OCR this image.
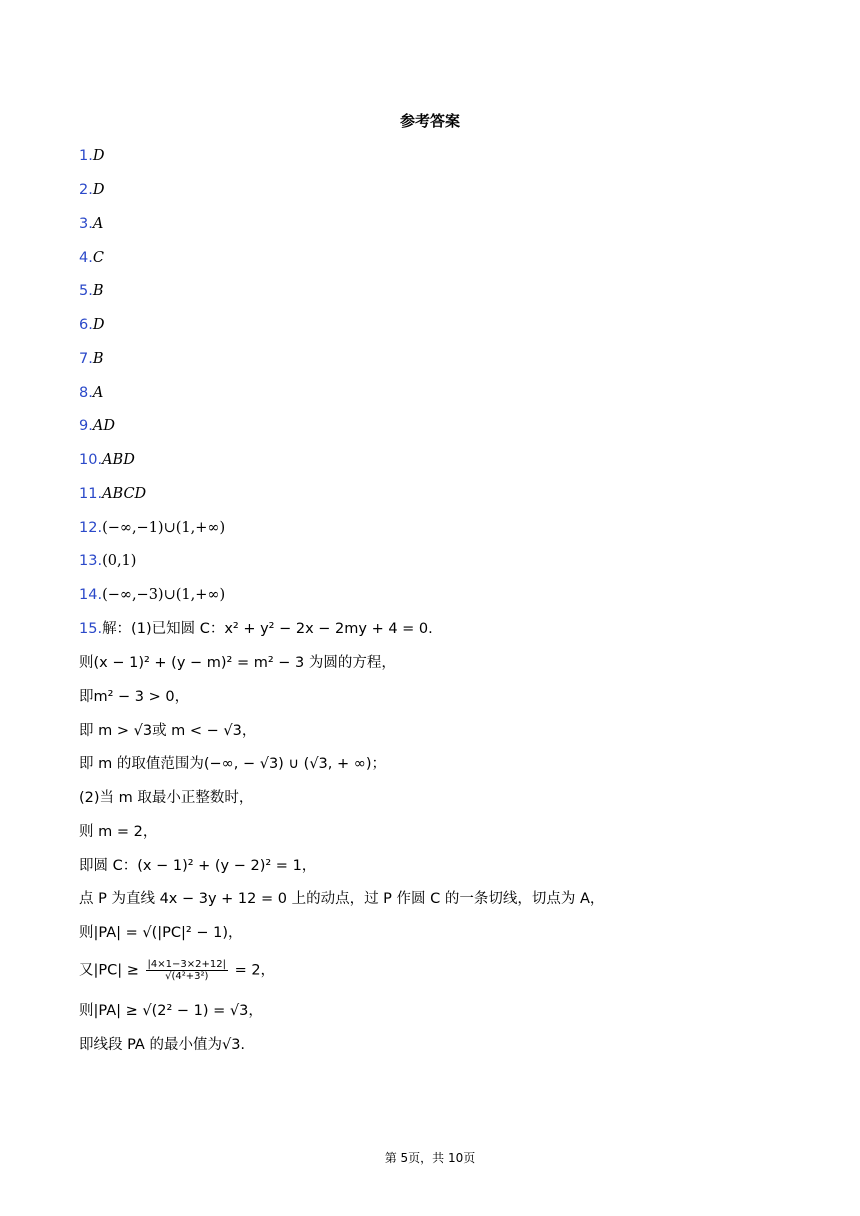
参考答案
1.D
2.D
3.A
4.C
5.B
6.D
7.B
8.A
9.AD
10.ABD
11.ABCD
12.(−∞,−1)∪(1,+∞)
13.(0,1)
14.(−∞,−3)∪(1,+∞)
15.解：(1)已知圆 C：x² + y² − 2x − 2my + 4 = 0.
则(x − 1)² + (y − m)² = m² − 3 为圆的方程，
即m² − 3 > 0，
即 m > √3或 m < − √3，
即 m 的取值范围为(−∞, − √3) ∪ (√3, + ∞)；
(2)当 m 取最小正整数时，
则 m = 2，
即圆 C：(x − 1)² + (y − 2)² = 1，
点 P 为直线 4x − 3y + 12 = 0 上的动点，过 P 作圆 C 的一条切线，切点为 A，
则|PA| = √(|PC|² − 1)，
又$|PC| \ge \frac{|4\times 1-3\times 2+12|}{\text{√(4²+3²)}} = 2$，
则|PA| ≥ √(2² − 1) = √3，
即线段 PA 的最小值为√3.
第 5页，共 10页
